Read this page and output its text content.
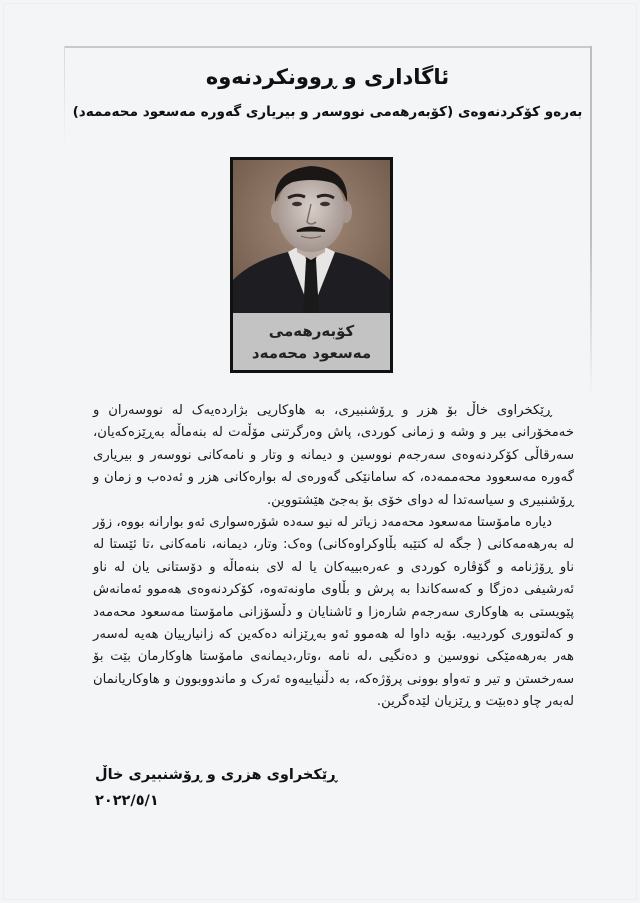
ئاگاداری و ڕوونکردنەوە
بەرەو کۆکردنەوەی (کۆبەرهەمی نووسەر و بیریاری گەورە مەسعود محەممەد)
کۆبەرهەمی
مەسعود محەمەد

ڕێکخراوی خاڵ بۆ هزر و ڕۆشنبیری، بە هاوکاریی بژاردەیەک لە نووسەران و خەمخۆرانی بیر و وشە و زمانی کوردی، پاش وەرگرتنی مۆڵەت لە بنەماڵە بەڕێزەکەیان، سەرقاڵی کۆکردنەوەی سەرجەم نووسین و دیمانە و وتار و نامەکانی نووسەر و بیریاری گەورە مەسعوود محەممەدە، کە سامانێکی گەورەی لە بوارەکانی هزر و ئەدەب و زمان و ڕۆشنبیری و سیاسەتدا لە دوای خۆی بۆ بەجێ هێشتووین.

دیارە مامۆستا مەسعود محەمەد زیاتر لە نیو سەدە شۆرەسواری ئەو بوارانە بووە، زۆر لە بەرهەمەکانی ( جگە لە کتێبە بڵاوکراوەکانی) وەک: وتار، دیمانە، نامەکانی ،تا ئێستا لە ناو ڕۆژنامە و گۆڤارە کوردی و عەرەبییەکان یا لە لای بنەماڵە و دۆستانی یان لە ناو ئەرشیفی دەزگا و کەسەکاندا بە پرش و بڵاوی ماونەتەوە، کۆکردنەوەی هەموو ئەمانەش پێویستی بە هاوکاری سەرجەم شارەزا و ئاشنایان و دڵسۆزانی مامۆستا مەسعود محەمەد و کەلتووری کوردییە. بۆیە داوا لە هەموو ئەو بەڕێزانە دەکەین کە زانیارییان هەیە لەسەر هەر بەرهەمێکی نووسین و دەنگیی ،لە نامە ،وتار،دیمانەی مامۆستا هاوکارمان بێت بۆ سەرخستن و تیر و تەواو بوونی پرۆژەکە، بە دڵنیاییەوە ئەرک و ماندووبوون و هاوکاریانمان لەبەر چاو دەبێت و ڕێزیان لێدەگرین.

ڕێکخراوی هزری و ڕۆشنبیری خاڵ
٢٠٢٢/٥/١
